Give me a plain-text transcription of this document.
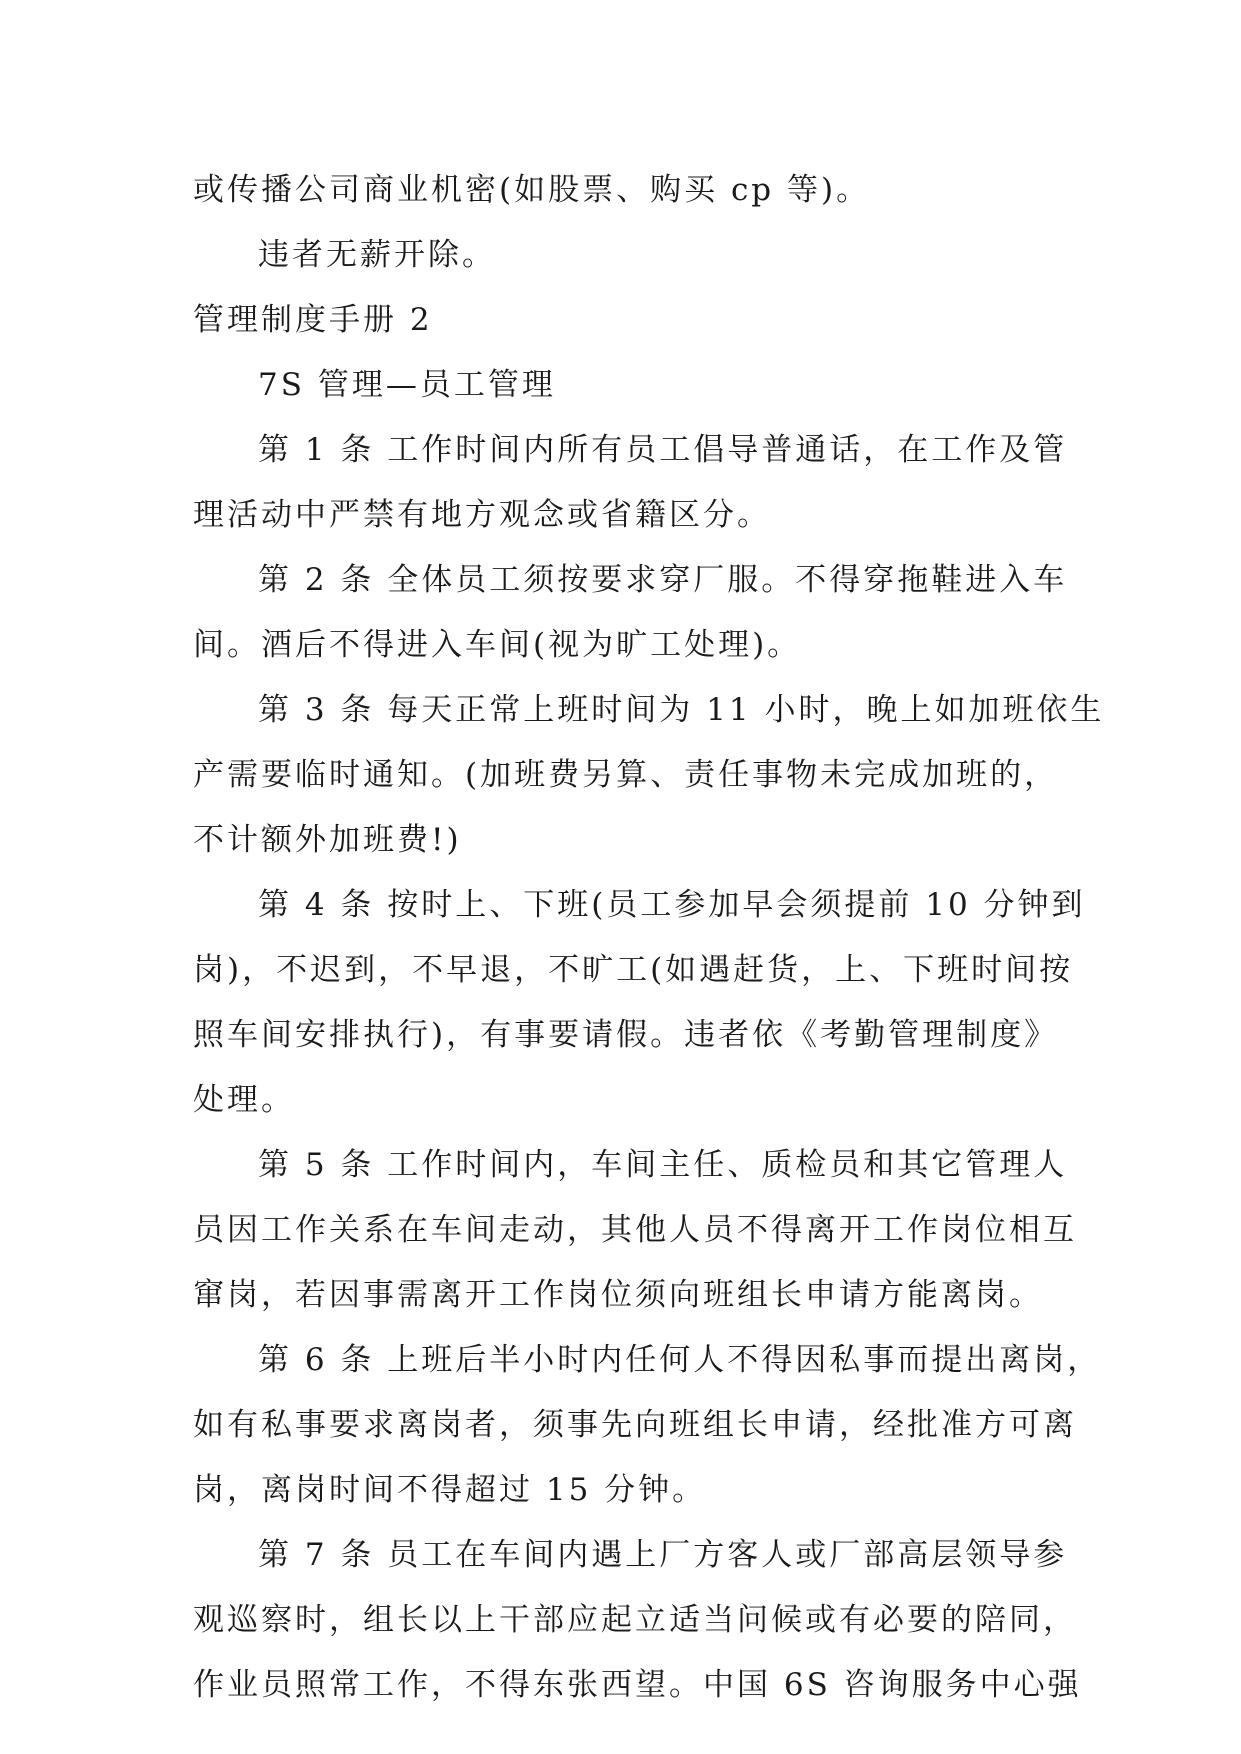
或传播公司商业机密(如股票、购买 cp 等)。
违者无薪开除。
管理制度手册 2
7S 管理—员工管理
第 1 条 工作时间内所有员工倡导普通话，在工作及管
理活动中严禁有地方观念或省籍区分。
第 2 条 全体员工须按要求穿厂服。不得穿拖鞋进入车
间。酒后不得进入车间(视为旷工处理)。
第 3 条 每天正常上班时间为 11 小时，晚上如加班依生
产需要临时通知。(加班费另算、责任事物未完成加班的，
不计额外加班费!)
第 4 条 按时上、下班(员工参加早会须提前 10 分钟到
岗)，不迟到，不早退，不旷工(如遇赶货，上、下班时间按
照车间安排执行)，有事要请假。违者依《考勤管理制度》
处理。
第 5 条 工作时间内，车间主任、质检员和其它管理人
员因工作关系在车间走动，其他人员不得离开工作岗位相互
窜岗，若因事需离开工作岗位须向班组长申请方能离岗。
第 6 条 上班后半小时内任何人不得因私事而提出离岗，
如有私事要求离岗者，须事先向班组长申请，经批准方可离
岗，离岗时间不得超过 15 分钟。
第 7 条 员工在车间内遇上厂方客人或厂部高层领导参
观巡察时，组长以上干部应起立适当问候或有必要的陪同，
作业员照常工作，不得东张西望。中国 6S 咨询服务中心强
